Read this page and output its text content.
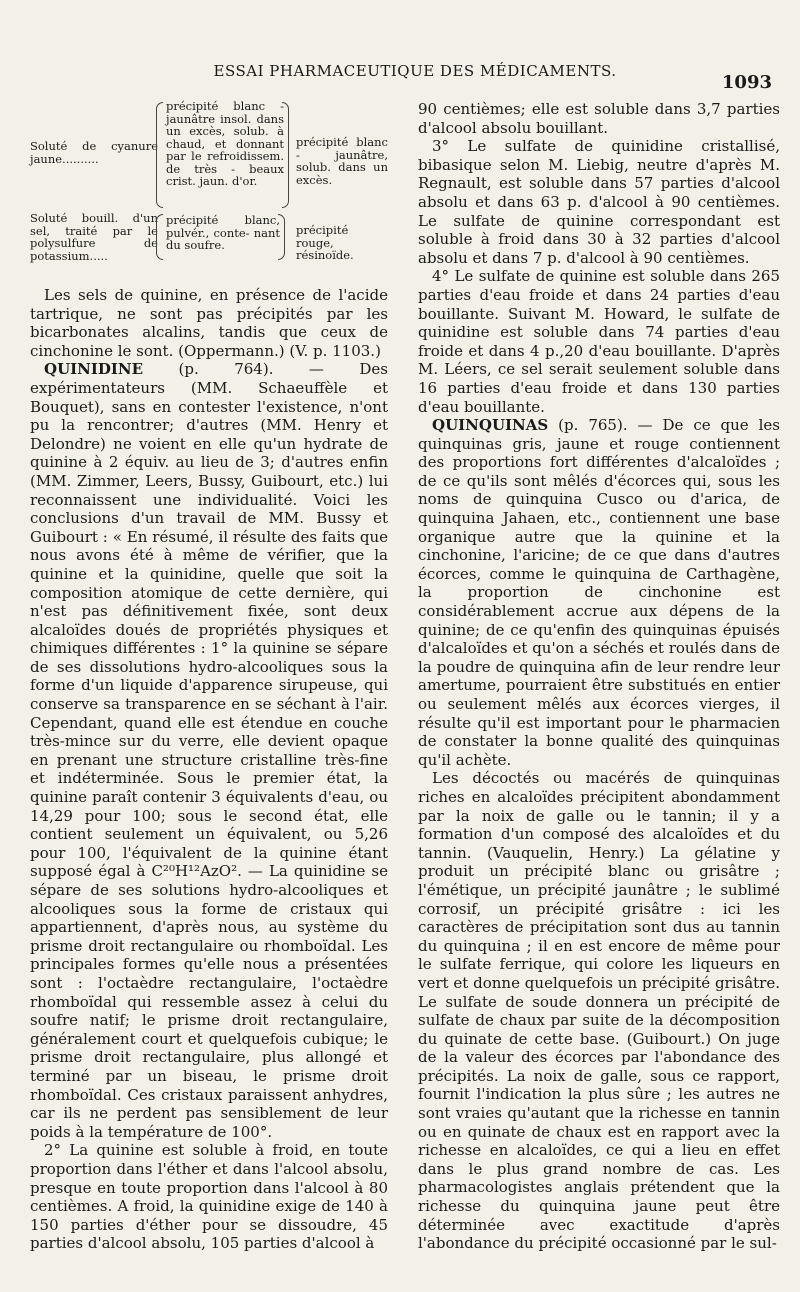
ESSAI PHARMACEUTIQUE DES MÉDICAMENTS.
1093
Soluté de cyanure jaune..........
précipité blanc - jaunâtre insol. dans un excès, solub. à chaud, et donnant par le refroidissem. de très - beaux crist. jaun. d'or.
précipité blanc - jaunâtre, solub. dans un excès.
Soluté bouill. d'un sel, traité par le polysulfure de potassium.....
précipité blanc, pulvér., conte- nant du soufre.
précipité rouge, résinoïde.

Les sels de quinine, en présence de l'acide tartrique, ne sont pas précipités par les bicarbonates alcalins, tandis que ceux de cinchonine le sont. (Oppermann.) (V. p. 1103.)

QUINIDINE (p. 764). — Des expérimentateurs (MM. Schaeuffèle et Bouquet), sans en contester l'existence, n'ont pu la rencontrer; d'autres (MM. Henry et Delondre) ne voient en elle qu'un hydrate de quinine à 2 équiv. au lieu de 3; d'autres enfin (MM. Zimmer, Leers, Bussy, Guibourt, etc.) lui reconnaissent une individualité. Voici les conclusions d'un travail de MM. Bussy et Guibourt : « En résumé, il résulte des faits que nous avons été à même de vérifier, que la quinine et la quinidine, quelle que soit la composition atomique de cette dernière, qui n'est pas définitivement fixée, sont deux alcaloïdes doués de propriétés physiques et chimiques différentes : 1° la quinine se sépare de ses dissolutions hydro-alcooliques sous la forme d'un liquide d'apparence sirupeuse, qui conserve sa transparence en se séchant à l'air. Cependant, quand elle est étendue en couche très-mince sur du verre, elle devient opaque en prenant une structure cristalline très-fine et indéterminée. Sous le premier état, la quinine paraît contenir 3 équivalents d'eau, ou 14,29 pour 100; sous le second état, elle contient seulement un équivalent, ou 5,26 pour 100, l'équivalent de la quinine étant supposé égal à C²⁰H¹²AzO². — La quinidine se sépare de ses solutions hydro-alcooliques et alcooliques sous la forme de cristaux qui appartiennent, d'après nous, au système du prisme droit rectangulaire ou rhomboïdal. Les principales formes qu'elle nous a présentées sont : l'octaèdre rectangulaire, l'octaèdre rhomboïdal qui ressemble assez à celui du soufre natif; le prisme droit rectangulaire, généralement court et quelquefois cubique; le prisme droit rectangulaire, plus allongé et terminé par un biseau, le prisme droit rhomboïdal. Ces cristaux paraissent anhydres, car ils ne perdent pas sensiblement de leur poids à la température de 100°.

2° La quinine est soluble à froid, en toute proportion dans l'éther et dans l'alcool absolu, presque en toute proportion dans l'alcool à 80 centièmes. A froid, la quinidine exige de 140 à 150 parties d'éther pour se dissoudre, 45 parties d'alcool absolu, 105 parties d'alcool à

90 centièmes; elle est soluble dans 3,7 parties d'alcool absolu bouillant.

3° Le sulfate de quinidine cristallisé, bibasique selon M. Liebig, neutre d'après M. Regnault, est soluble dans 57 parties d'alcool absolu et dans 63 p. d'alcool à 90 centièmes. Le sulfate de quinine correspondant est soluble à froid dans 30 à 32 parties d'alcool absolu et dans 7 p. d'alcool à 90 centièmes.

4° Le sulfate de quinine est soluble dans 265 parties d'eau froide et dans 24 parties d'eau bouillante. Suivant M. Howard, le sulfate de quinidine est soluble dans 74 parties d'eau froide et dans 4 p.,20 d'eau bouillante. D'après M. Léers, ce sel serait seulement soluble dans 16 parties d'eau froide et dans 130 parties d'eau bouillante.

QUINQUINAS (p. 765). — De ce que les quinquinas gris, jaune et rouge contiennent des proportions fort différentes d'alcaloïdes ; de ce qu'ils sont mêlés d'écorces qui, sous les noms de quinquina Cusco ou d'arica, de quinquina Jahaen, etc., contiennent une base organique autre que la quinine et la cinchonine, l'aricine; de ce que dans d'autres écorces, comme le quinquina de Carthagène, la proportion de cinchonine est considérablement accrue aux dépens de la quinine; de ce qu'enfin des quinquinas épuisés d'alcaloïdes et qu'on a séchés et roulés dans de la poudre de quinquina afin de leur rendre leur amertume, pourraient être substitués en entier ou seulement mêlés aux écorces vierges, il résulte qu'il est important pour le pharmacien de constater la bonne qualité des quinquinas qu'il achète.

Les décoctés ou macérés de quinquinas riches en alcaloïdes précipitent abondamment par la noix de galle ou le tannin; il y a formation d'un composé des alcaloïdes et du tannin. (Vauquelin, Henry.) La gélatine y produit un précipité blanc ou grisâtre ; l'émétique, un précipité jaunâtre ; le sublimé corrosif, un précipité grisâtre : ici les caractères de précipitation sont dus au tannin du quinquina ; il en est encore de même pour le sulfate ferrique, qui colore les liqueurs en vert et donne quelquefois un précipité grisâtre. Le sulfate de soude donnera un précipité de sulfate de chaux par suite de la décomposition du quinate de cette base. (Guibourt.) On juge de la valeur des écorces par l'abondance des précipités. La noix de galle, sous ce rapport, fournit l'indication la plus sûre ; les autres ne sont vraies qu'autant que la richesse en tannin ou en quinate de chaux est en rapport avec la richesse en alcaloïdes, ce qui a lieu en effet dans le plus grand nombre de cas. Les pharmacologistes anglais prétendent que la richesse du quinquina jaune peut être déterminée avec exactitude d'après l'abondance du précipité occasionné par le sul-
